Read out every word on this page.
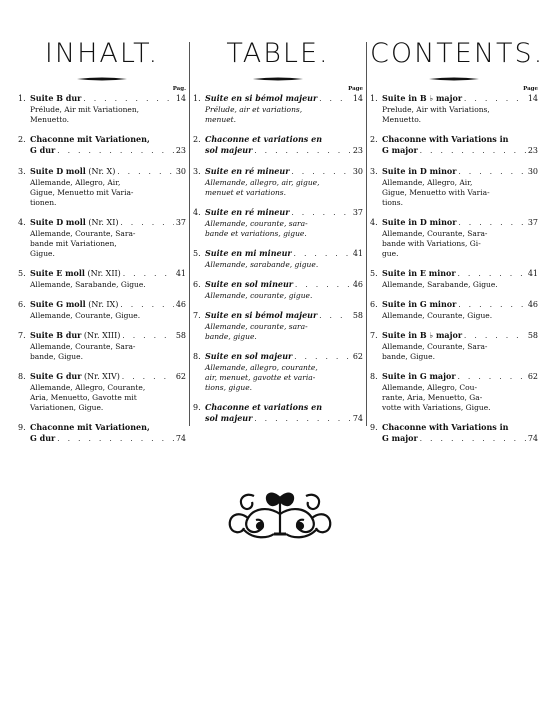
INHALT.
Pag.
1. Suite B dur . . .	14
Prélude, Air mit Variationen,
Menuetto.
2. Chaconne mit Variationen,
G dur . . .	23
3. Suite D moll (Nr. X) . . .	30
Allemande, Allegro, Air,
Gigue, Menuetto mit Varia-
tionen.
4. Suite D moll (Nr. XI) . . .	37
Allemande, Courante, Sara-
bande mit Variationen,
Gigue.
5. Suite E moll (Nr. XII) . . .	41
Allemande, Sarabande, Gigue.
6. Suite G moll (Nr. IX) . . .	46
Allemande, Courante, Gigue.
7. Suite B dur (Nr. XIII) . . .	58
Allemande, Courante, Sara-
bande, Gigue.
8. Suite G dur (Nr. XIV) . . .	62
Allemande, Allegro, Courante,
Aria, Menuetto, Gavotte mit
Variationen, Gigue.
9. Chaconne mit Variationen,
G dur . . .	74
TABLE.
Page
1. Suite en si bémol majeur . . .	14
Prélude, air et variations,
menuet.
2. Chaconne et variations en
sol majeur . . .	23
3. Suite en ré mineur . . .	30
Allemande, allegro, air, gigue,
menuet et variations.
4. Suite en ré mineur . . .	37
Allemande, courante, sara-
bande et variations, gigue.
5. Suite en mi mineur . . .	41
Allemande, sarabande, gigue.
6. Suite en sol mineur . . .	46
Allemande, courante, gigue.
7. Suite en si bémol majeur . . .	58
Allemande, courante, sara-
bande, gigue.
8. Suite en sol majeur . . .	62
Allemande, allegro, courante,
air, menuet, gavotte et varia-
tions, gigue.
9. Chaconne et variations en
sol majeur . . .	74
CONTENTS.
Page
1. Suite in B ♭ major . . .	14
Prelude, Air with Variations,
Menuetto.
2. Chaconne with Variations in
G major . . .	23
3. Suite in D minor . . .	30
Allemande, Allegro, Air,
Gigue, Menuetto with Varia-
tions.
4. Suite in D minor . . .	37
Allemande, Courante, Sara-
bande with Variations, Gi-
gue.
5. Suite in E minor . . .	41
Allemande, Sarabande, Gigue.
6. Suite in G minor . . .	46
Allemande, Courante, Gigue.
7. Suite in B ♭ major . . .	58
Allemande, Courante, Sara-
bande, Gigue.
8. Suite in G major . . .	62
Allemande, Allegro, Cou-
rante, Aria, Menuetto, Ga-
votte with Variations, Gigue.
9. Chaconne with Variations in
G major . . .	74
